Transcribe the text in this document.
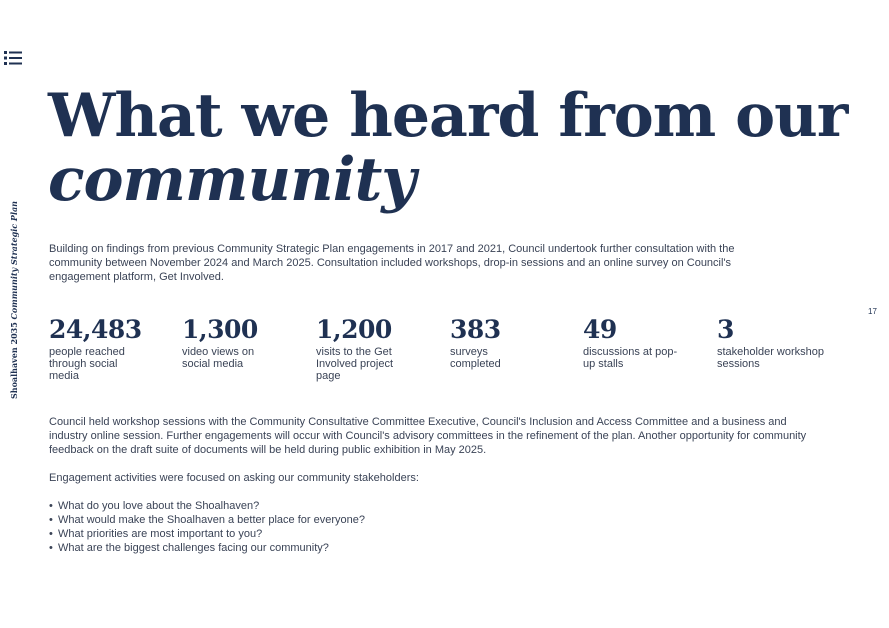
Shoalhaven 2035 Community Strategic Plan	17
What we heard from our
community

Building on findings from previous Community Strategic Plan engagements in 2017 and 2021, Council undertook further consultation with the community between November 2024 and March 2025. Consultation included workshops, drop-in sessions and an online survey on Council's engagement platform, Get Involved.

24,483
people reached through social media
1,300
video views on social media
1,200
visits to the Get Involved project page
383
surveys completed
49
discussions at pop-up stalls
3
stakeholder workshop sessions

Council held workshop sessions with the Community Consultative Committee Executive, Council's Inclusion and Access Committee and a business and industry online session. Further engagements will occur with Council's advisory committees in the refinement of the plan. Another opportunity for community feedback on the draft suite of documents will be held during public exhibition in May 2025.

Engagement activities were focused on asking our community stakeholders:

• What do you love about the Shoalhaven?
• What would make the Shoalhaven a better place for everyone?
• What priorities are most important to you?
• What are the biggest challenges facing our community?
